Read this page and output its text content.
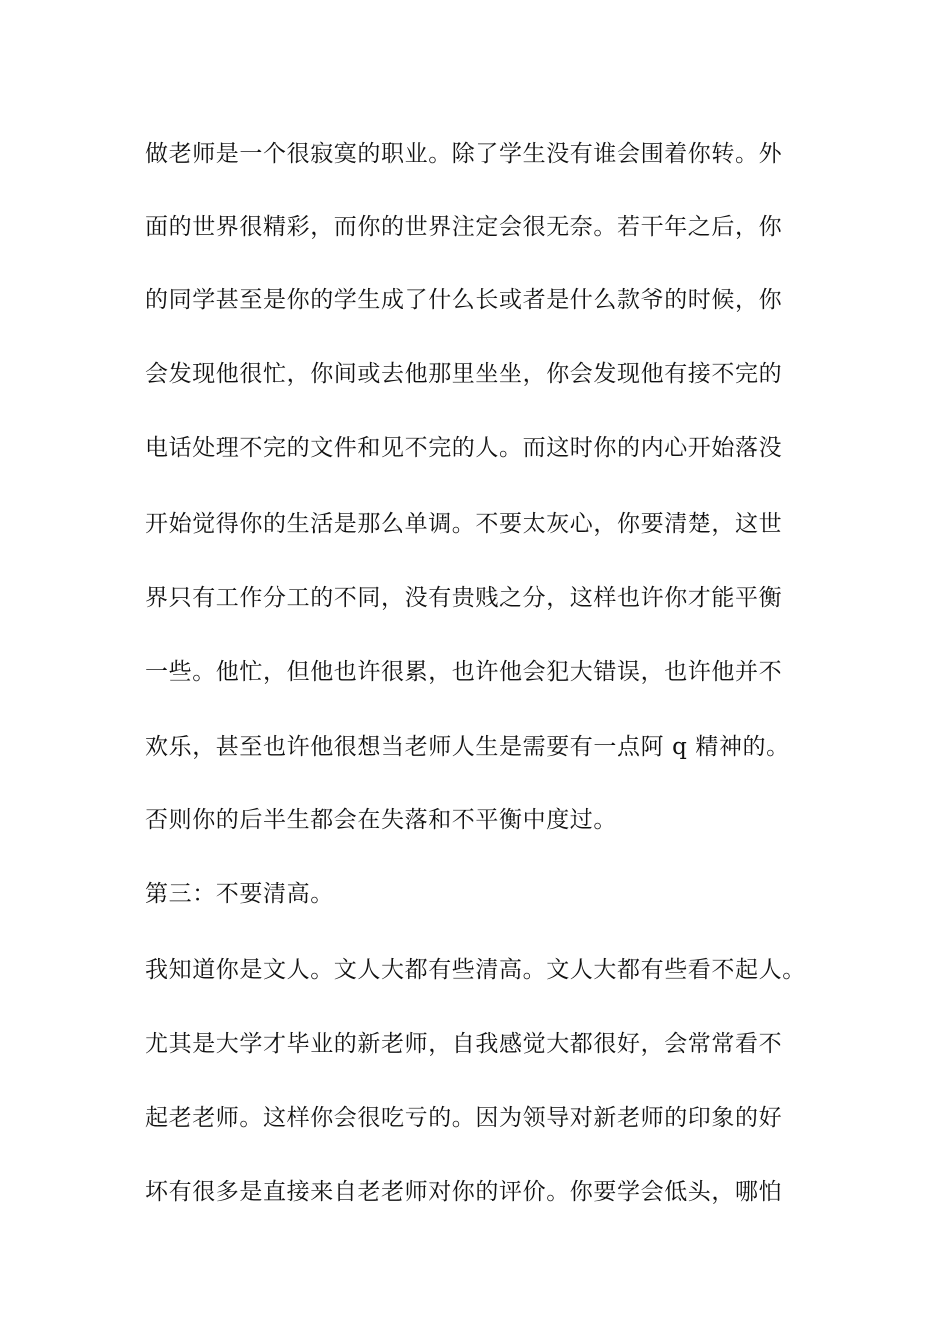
做老师是一个很寂寞的职业。除了学生没有谁会围着你转。外
面的世界很精彩，而你的世界注定会很无奈。若干年之后，你
的同学甚至是你的学生成了什么长或者是什么款爷的时候，你
会发现他很忙，你间或去他那里坐坐，你会发现他有接不完的
电话处理不完的文件和见不完的人。而这时你的内心开始落没
开始觉得你的生活是那么单调。不要太灰心，你要清楚，这世
界只有工作分工的不同，没有贵贱之分，这样也许你才能平衡
一些。他忙，但他也许很累，也许他会犯大错误，也许他并不
欢乐，甚至也许他很想当老师人生是需要有一点阿 q 精神的。
否则你的后半生都会在失落和不平衡中度过。
第三：不要清高。
我知道你是文人。文人大都有些清高。文人大都有些看不起人。
尤其是大学才毕业的新老师，自我感觉大都很好，会常常看不
起老老师。这样你会很吃亏的。因为领导对新老师的印象的好
坏有很多是直接来自老老师对你的评价。你要学会低头，哪怕
